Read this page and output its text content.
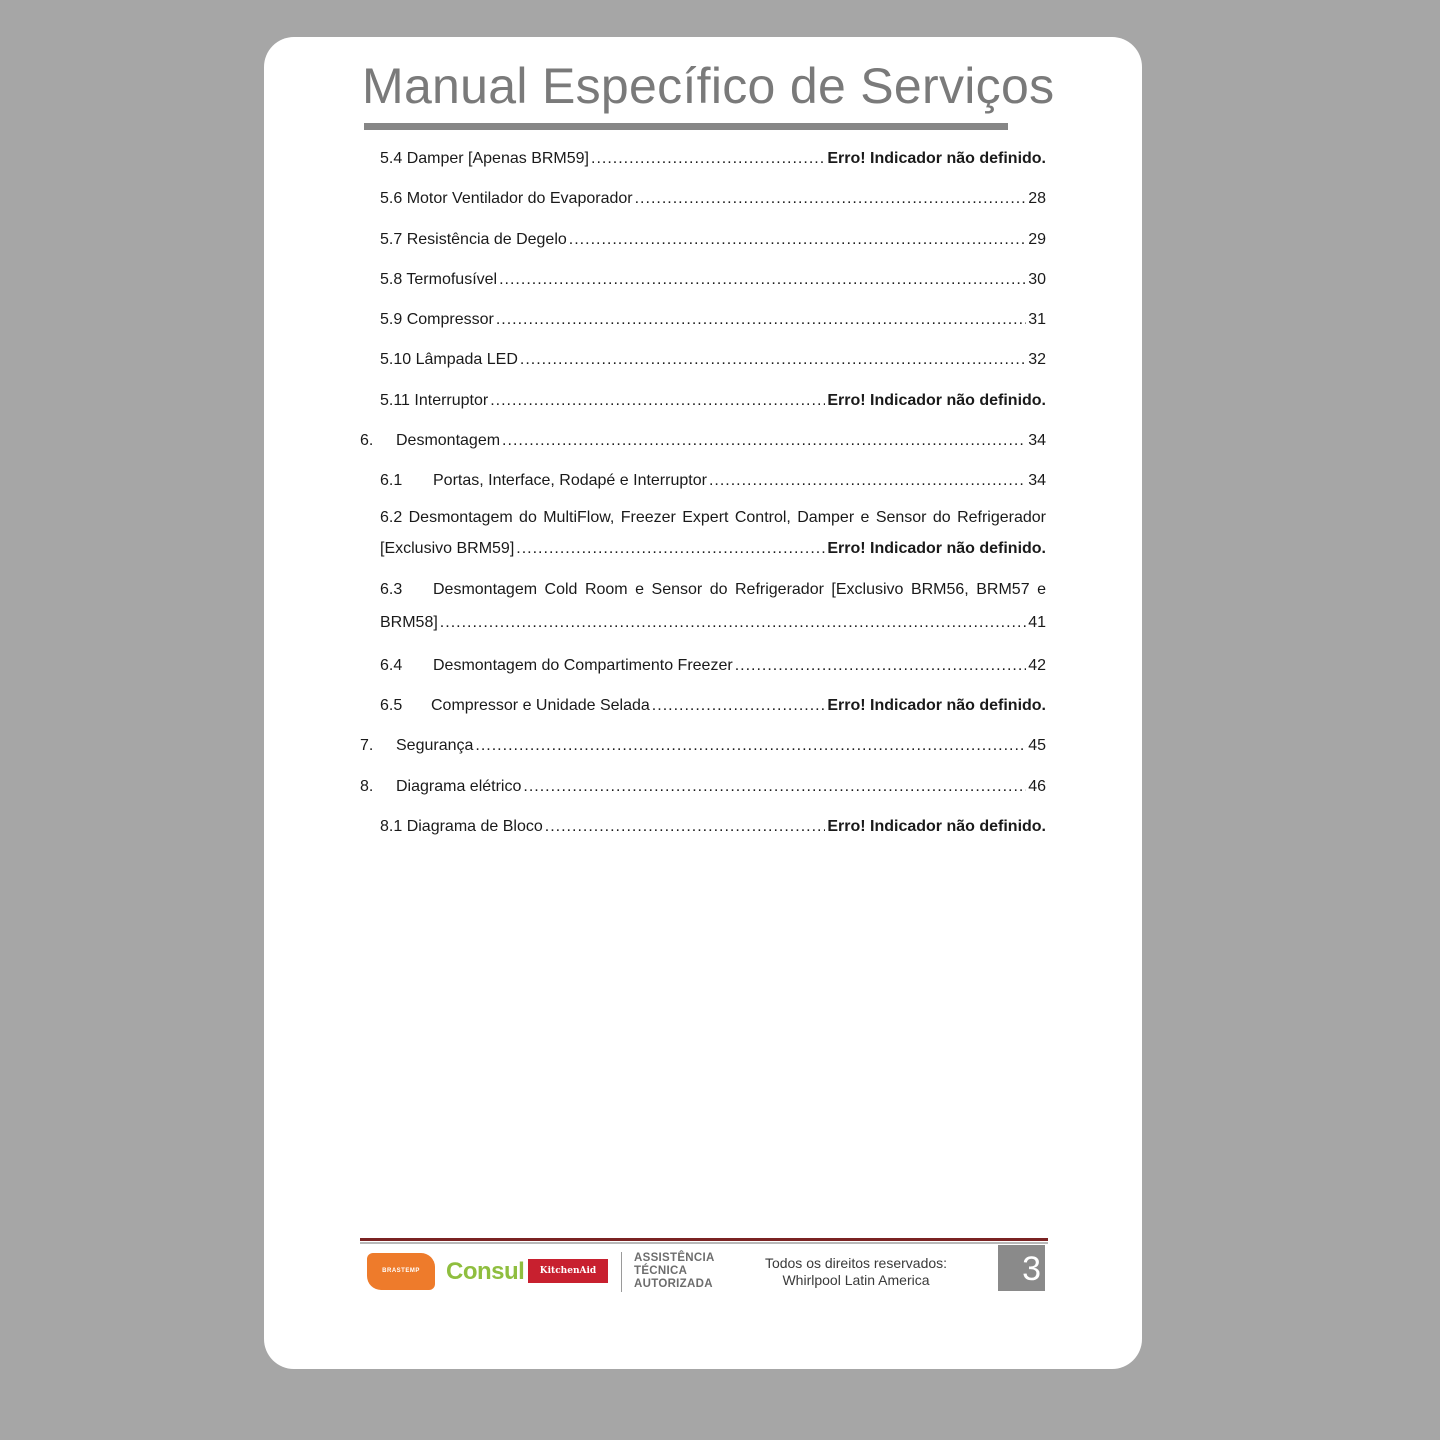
Manual Específico de Serviços
5.4 Damper [Apenas BRM59] .....	Erro! Indicador não definido.
5.6 Motor Ventilador do Evaporador .....	28
5.7 Resistência de Degelo .....	29
5.8 Termofusível .....	30
5.9 Compressor .....	31
5.10 Lâmpada LED .....	32
5.11 Interruptor .....	Erro! Indicador não definido.
6.	Desmontagem .....	34
6.1	Portas, Interface, Rodapé e Interruptor .....	34
6.2 Desmontagem do MultiFlow, Freezer Expert Control, Damper e Sensor do Refrigerador
[Exclusivo BRM59] .....	Erro! Indicador não definido.
6.3	Desmontagem Cold Room e Sensor do Refrigerador [Exclusivo BRM56, BRM57 e
BRM58] .....	41
6.4	Desmontagem do Compartimento Freezer .....	42
6.5	Compressor e Unidade Selada .....	Erro! Indicador não definido.
7.	Segurança .....	45
8.	Diagrama elétrico .....	46
8.1 Diagrama de Bloco .....	Erro! Indicador não definido.
BRASTEMP	Consul	KitchenAid
ASSISTÊNCIA
TÉCNICA
AUTORIZADA
Todos os direitos reservados:
Whirlpool Latin America	3
